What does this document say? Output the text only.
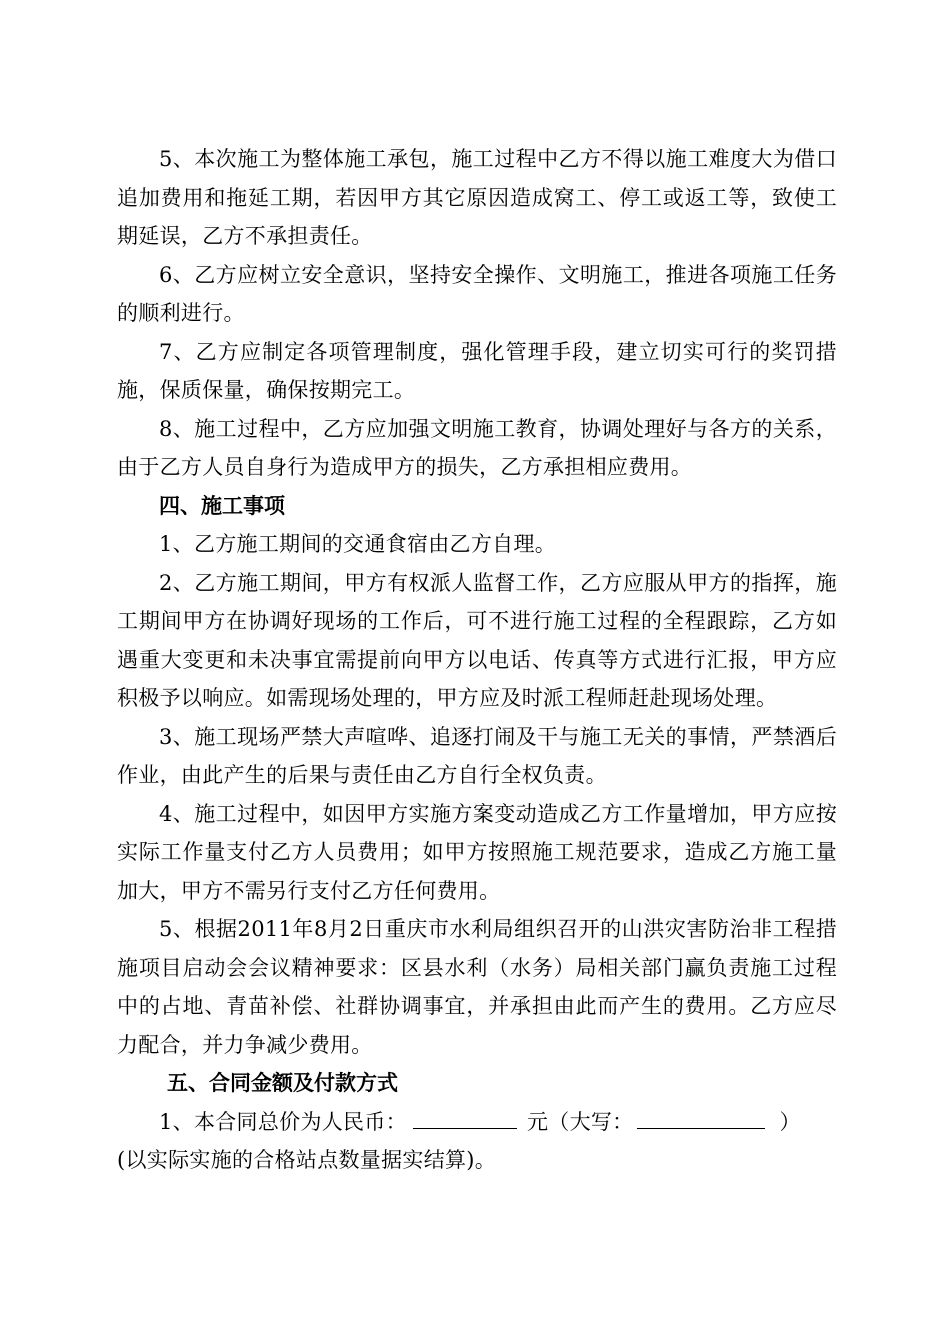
5、本次施工为整体施工承包，施工过程中乙方不得以施工难度大为借口追加费用和拖延工期，若因甲方其它原因造成窝工、停工或返工等，致使工期延误，乙方不承担责任。

6、乙方应树立安全意识，坚持安全操作、文明施工，推进各项施工任务的顺利进行。

7、乙方应制定各项管理制度，强化管理手段，建立切实可行的奖罚措施，保质保量，确保按期完工。

8、施工过程中，乙方应加强文明施工教育，协调处理好与各方的关系，由于乙方人员自身行为造成甲方的损失，乙方承担相应费用。

四、施工事项

1、乙方施工期间的交通食宿由乙方自理。

2、乙方施工期间，甲方有权派人监督工作，乙方应服从甲方的指挥，施工期间甲方在协调好现场的工作后，可不进行施工过程的全程跟踪，乙方如遇重大变更和未决事宜需提前向甲方以电话、传真等方式进行汇报，甲方应积极予以响应。如需现场处理的，甲方应及时派工程师赶赴现场处理。

3、施工现场严禁大声喧哗、追逐打闹及干与施工无关的事情，严禁酒后作业，由此产生的后果与责任由乙方自行全权负责。

4、施工过程中，如因甲方实施方案变动造成乙方工作量增加，甲方应按实际工作量支付乙方人员费用；如甲方按照施工规范要求，造成乙方施工量加大，甲方不需另行支付乙方任何费用。

5、根据2011年8月2日重庆市水利局组织召开的山洪灾害防治非工程措施项目启动会会议精神要求：区县水利（水务）局相关部门赢负责施工过程中的占地、青苗补偿、社群协调事宜，并承担由此而产生的费用。乙方应尽力配合，并力争减少费用。

五、合同金额及付款方式

1、本合同总价为人民币：	元（大写：	）

(以实际实施的合格站点数量据实结算)。
